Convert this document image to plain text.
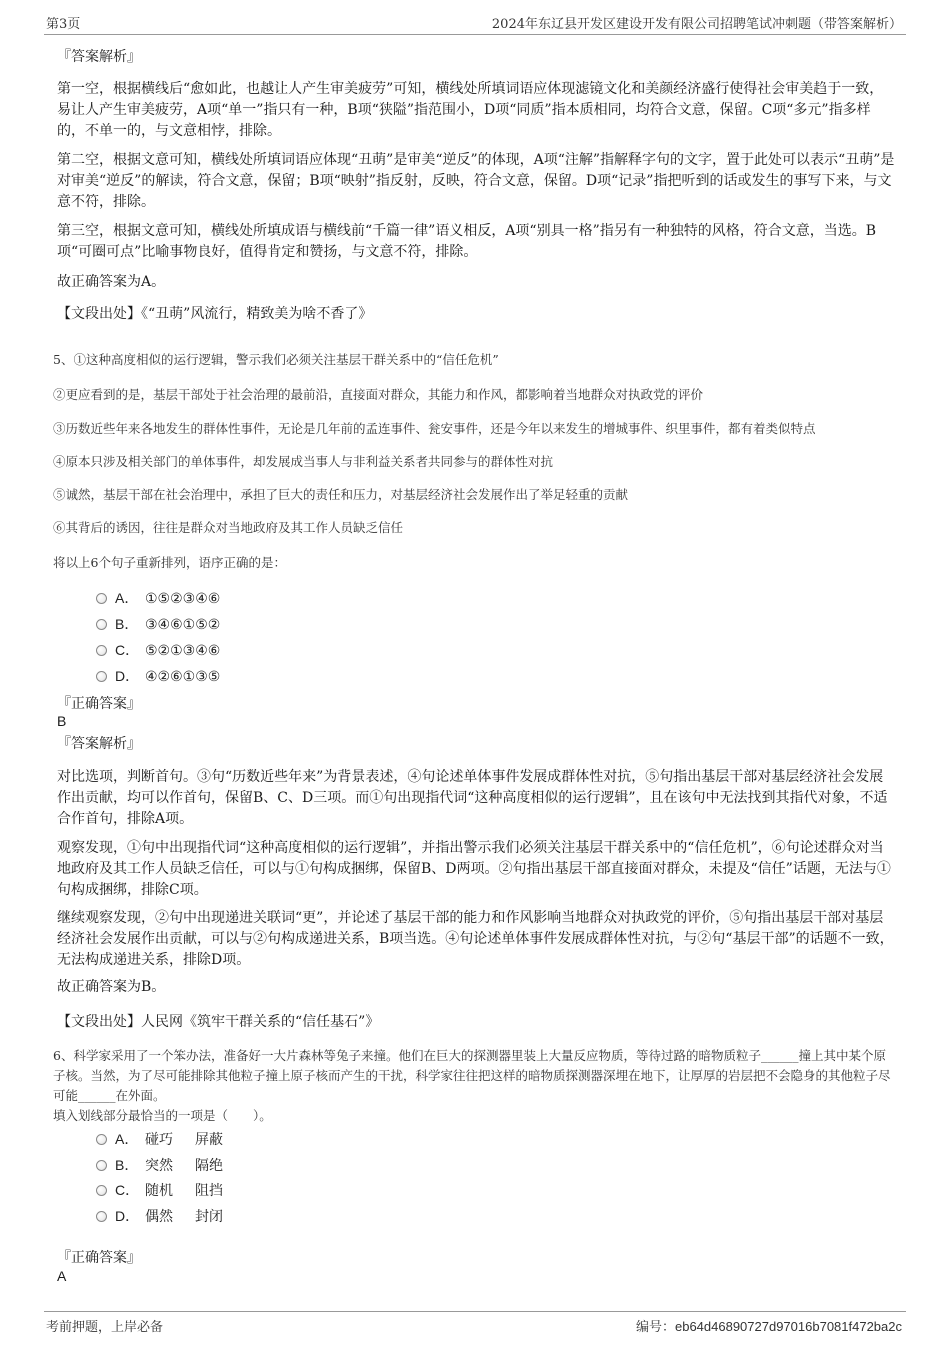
第3页	2024年东辽县开发区建设开发有限公司招聘笔试冲刺题（带答案解析）
『答案解析』
第一空，根据横线后“愈如此，也越让人产生审美疲劳”可知，横线处所填词语应体现滤镜文化和美颜经济盛行使得社会审美趋于一致，易让人产生审美疲劳，A项“单一”指只有一种，B项“狭隘”指范围小，D项“同质”指本质相同，均符合文意，保留。C项“多元”指多样的，不单一的，与文意相悖，排除。
第二空，根据文意可知，横线处所填词语应体现“丑萌”是审美“逆反”的体现，A项“注解”指解释字句的文字，置于此处可以表示“丑萌”是对审美“逆反”的解读，符合文意，保留；B项“映射”指反射，反映，符合文意，保留。D项“记录”指把听到的话或发生的事写下来，与文意不符，排除。
第三空，根据文意可知，横线处所填成语与横线前“千篇一律”语义相反，A项“别具一格”指另有一种独特的风格，符合文意，当选。B项“可圈可点”比喻事物良好，值得肯定和赞扬，与文意不符，排除。
故正确答案为A。
【文段出处】《“丑萌”风流行，精致美为啥不香了》
5、①这种高度相似的运行逻辑，警示我们必须关注基层干群关系中的“信任危机”
②更应看到的是，基层干部处于社会治理的最前沿，直接面对群众，其能力和作风，都影响着当地群众对执政党的评价
③历数近些年来各地发生的群体性事件，无论是几年前的孟连事件、瓮安事件，还是今年以来发生的增城事件、织里事件，都有着类似特点
④原本只涉及相关部门的单体事件，却发展成当事人与非利益关系者共同参与的群体性对抗
⑤诚然，基层干部在社会治理中，承担了巨大的责任和压力，对基层经济社会发展作出了举足轻重的贡献
⑥其背后的诱因，往往是群众对当地政府及其工作人员缺乏信任
将以上6个句子重新排列，语序正确的是：
A． ①⑤②③④⑥
B． ③④⑥①⑤②
C． ⑤②①③④⑥
D． ④②⑥①③⑤
『正确答案』
B
『答案解析』
对比选项，判断首句。③句“历数近些年来”为背景表述，④句论述单体事件发展成群体性对抗，⑤句指出基层干部对基层经济社会发展作出贡献，均可以作首句，保留B、C、D三项。而①句出现指代词“这种高度相似的运行逻辑”，且在该句中无法找到其指代对象，不适合作首句，排除A项。
观察发现，①句中出现指代词“这种高度相似的运行逻辑”，并指出警示我们必须关注基层干群关系中的“信任危机”，⑥句论述群众对当地政府及其工作人员缺乏信任，可以与①句构成捆绑，保留B、D两项。②句指出基层干部直接面对群众，未提及“信任”话题，无法与①句构成捆绑，排除C项。
继续观察发现，②句中出现递进关联词“更”，并论述了基层干部的能力和作风影响当地群众对执政党的评价，⑤句指出基层干部对基层经济社会发展作出贡献，可以与②句构成递进关系，B项当选。④句论述单体事件发展成群体性对抗，与②句“基层干部”的话题不一致，无法构成递进关系，排除D项。
故正确答案为B。
【文段出处】人民网《筑牢干群关系的“信任基石”》
6、科学家采用了一个笨办法，准备好一大片森林等兔子来撞。他们在巨大的探测器里装上大量反应物质，等待过路的暗物质粒子______撞上其中某个原子核。当然，为了尽可能排除其他粒子撞上原子核而产生的干扰，科学家往往把这样的暗物质探测器深埋在地下，让厚厚的岩层把不会隐身的其他粒子尽可能______在外面。
填入划线部分最恰当的一项是（　　）。
A． 碰巧 屏蔽
B． 突然 隔绝
C． 随机 阻挡
D． 偶然 封闭
『正确答案』
A
考前押题，上岸必备	编号：eb64d46890727d97016b7081f472ba2c
